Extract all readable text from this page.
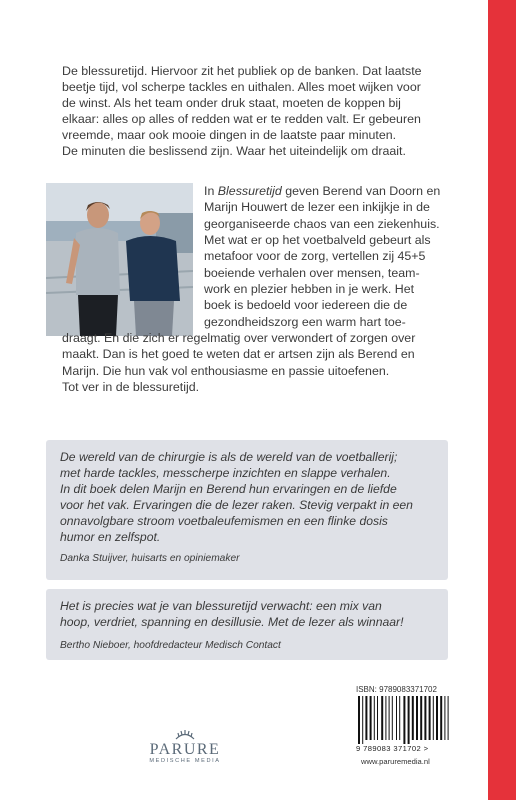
De blessuretijd. Hiervoor zit het publiek op de banken. Dat laatste

beetje tijd, vol scherpe tackles en uithalen. Alles moet wijken voor

de winst. Als het team onder druk staat, moeten de koppen bij

elkaar: alles op alles of redden wat er te redden valt. Er gebeuren

vreemde, maar ook mooie dingen in de laatste paar minuten.

De minuten die beslissend zijn. Waar het uiteindelijk om draait.

In Blessuretijd geven Berend van Doorn en
Marijn Houwert de lezer een inkijkje in de
georganiseerde chaos van een ziekenhuis.
Met wat er op het voetbalveld gebeurt als
metafoor voor de zorg, vertellen zij 45+5
boeiende verhalen over mensen, team-
work en plezier hebben in je werk. Het
boek is bedoeld voor iedereen die de
gezondheidszorg een warm hart toe-
draagt. En die zich er regelmatig over verwondert of zorgen over
maakt. Dan is het goed te weten dat er artsen zijn als Berend en
Marijn. Die hun vak vol enthousiasme en passie uitoefenen.
Tot ver in de blessuretijd.
De wereld van de chirurgie is als de wereld van de voetballerij;
met harde tackles, messcherpe inzichten en slappe verhalen.
In dit boek delen Marijn en Berend hun ervaringen en de liefde
voor het vak. Ervaringen die de lezer raken. Stevig verpakt in een
onnavolgbare stroom voetbaleufemismen en een flinke dosis
humor en zelfspot.
Danka Stuijver, huisarts en opiniemaker
Het is precies wat je van blessuretijd verwacht: een mix van
hoop, verdriet, spanning en desillusie. Met de lezer als winnaar!
Bertho Nieboer, hoofdredacteur Medisch Contact
PARURE
MEDISCHE MEDIA
ISBN: 9789083371702
9 789083 371702 >
www.paruremedia.nl
